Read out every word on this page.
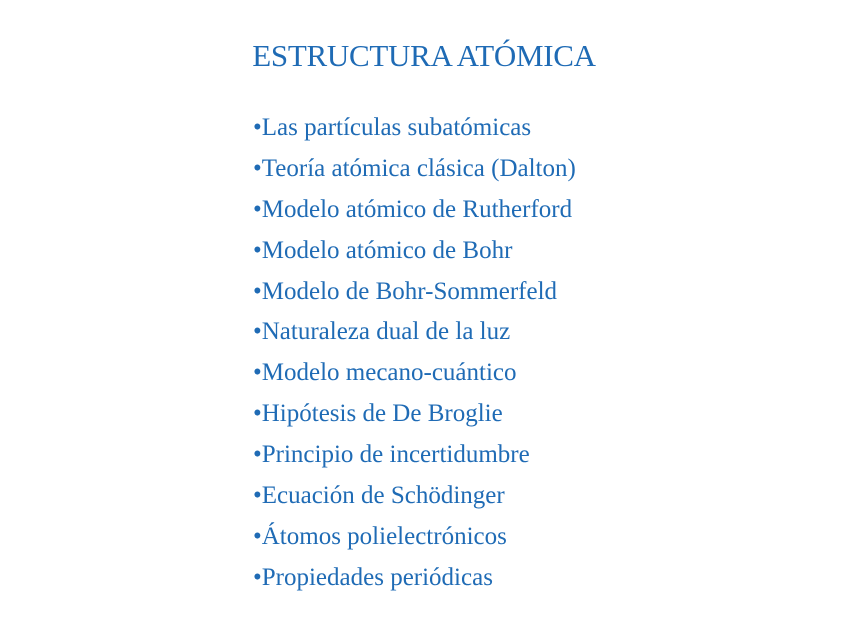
ESTRUCTURA ATÓMICA
•Las partículas subatómicas
•Teoría atómica clásica (Dalton)
•Modelo atómico de Rutherford
•Modelo atómico de Bohr
•Modelo de Bohr-Sommerfeld
•Naturaleza dual de la luz
•Modelo mecano-cuántico
•Hipótesis de De Broglie
•Principio de incertidumbre
•Ecuación de Schödinger
•Átomos polielectrónicos
•Propiedades periódicas
